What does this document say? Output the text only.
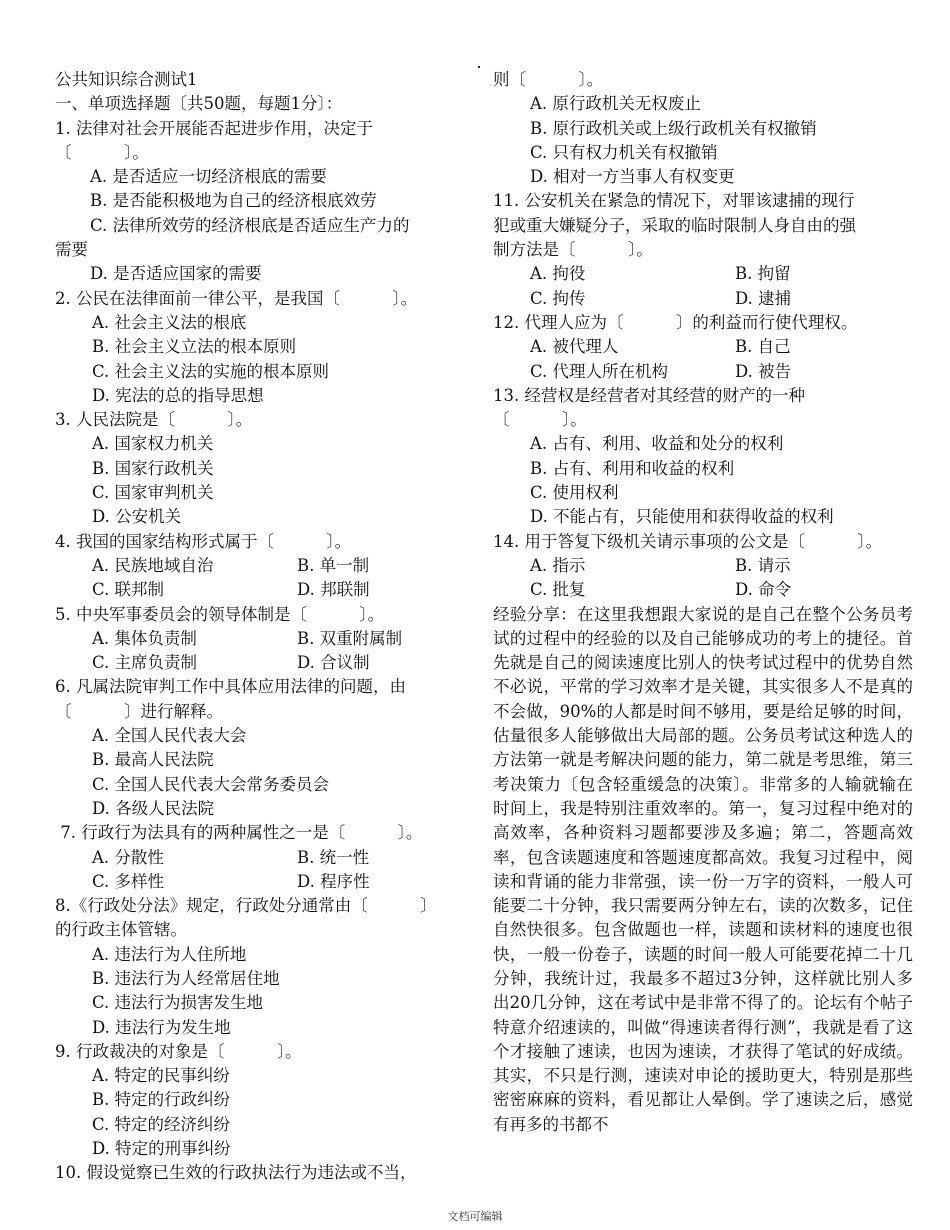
公共知识综合测试1
一、单项选择题〔共50题，每题1分〕：
1. 法律对社会开展能否起进步作用，决定于
〔          〕。
A. 是否适应一切经济根底的需要
B. 是否能积极地为自己的经济根底效劳
C. 法律所效劳的经济根底是否适应生产力的
需要
D. 是否适应国家的需要
2. 公民在法律面前一律公平，是我国〔          〕。
A. 社会主义法的根底
B. 社会主义立法的根本原则
C. 社会主义法的实施的根本原则
D. 宪法的总的指导思想
3. 人民法院是〔          〕。
A. 国家权力机关
B. 国家行政机关
C. 国家审判机关
D. 公安机关
4. 我国的国家结构形式属于〔          〕。
A. 民族地域自治	B. 单一制
C. 联邦制	D. 邦联制
5. 中央军事委员会的领导体制是〔          〕。
A. 集体负责制	B. 双重附属制
C. 主席负责制	D. 合议制
6. 凡属法院审判工作中具体应用法律的问题，由
〔          〕进行解释。
A. 全国人民代表大会
B. 最高人民法院
C. 全国人民代表大会常务委员会
D. 各级人民法院
7. 行政行为法具有的两种属性之一是〔          〕。
A. 分散性	B. 统一性
C. 多样性	D. 程序性
8.《行政处分法》规定，行政处分通常由〔          〕
的行政主体管辖。
A. 违法行为人住所地
B. 违法行为人经常居住地
C. 违法行为损害发生地
D. 违法行为发生地
9. 行政裁决的对象是〔          〕。
A. 特定的民事纠纷
B. 特定的行政纠纷
C. 特定的经济纠纷
D. 特定的刑事纠纷
10. 假设觉察已生效的行政执法行为违法或不当，
则〔          〕。
A. 原行政机关无权废止
B. 原行政机关或上级行政机关有权撤销
C. 只有权力机关有权撤销
D. 相对一方当事人有权变更
11. 公安机关在紧急的情况下，对罪该逮捕的现行
犯或重大嫌疑分子，采取的临时限制人身自由的强
制方法是〔          〕。
A. 拘役	B. 拘留
C. 拘传	D. 逮捕
12. 代理人应为〔          〕的利益而行使代理权。
A. 被代理人	B. 自己
C. 代理人所在机构	D. 被告
13. 经营权是经营者对其经营的财产的一种
〔          〕。
A. 占有、利用、收益和处分的权利
B. 占有、利用和收益的权利
C. 使用权利
D. 不能占有，只能使用和获得收益的权利
14. 用于答复下级机关请示事项的公文是〔          〕。
A. 指示	B. 请示
C. 批复	D. 命令
经验分享：在这里我想跟大家说的是自己在整个公务员考试的过程中的经验的以及自己能够成功的考上的捷径。首先就是自己的阅读速度比别人的快考试过程中的优势自然不必说，平常的学习效率才是关键，其实很多人不是真的不会做，90%的人都是时间不够用，要是给足够的时间，估量很多人能够做出大局部的题。公务员考试这种选人的方法第一就是考解决问题的能力，第二就是考思维，第三考决策力〔包含轻重缓急的决策〕。非常多的人输就输在时间上，我是特别注重效率的。第一，复习过程中绝对的高效率，各种资料习题都要涉及多遍；第二，答题高效率，包含读题速度和答题速度都高效。我复习过程中，阅读和背诵的能力非常强，读一份一万字的资料，一般人可能要二十分钟，我只需要两分钟左右，读的次数多，记住自然快很多。包含做题也一样，读题和读材料的速度也很快，一般一份卷子，读题的时间一般人可能要花掉二十几分钟，我统计过，我最多不超过3分钟，这样就比别人多出20几分钟，这在考试中是非常不得了的。论坛有个帖子特意介绍速读的，叫做“得速读者得行测”，我就是看了这个才接触了速读，也因为速读，才获得了笔试的好成绩。其实，不只是行测，速读对申论的援助更大，特别是那些密密麻麻的资料，看见都让人晕倒。学了速读之后，感觉有再多的书都不
文档可编辑
